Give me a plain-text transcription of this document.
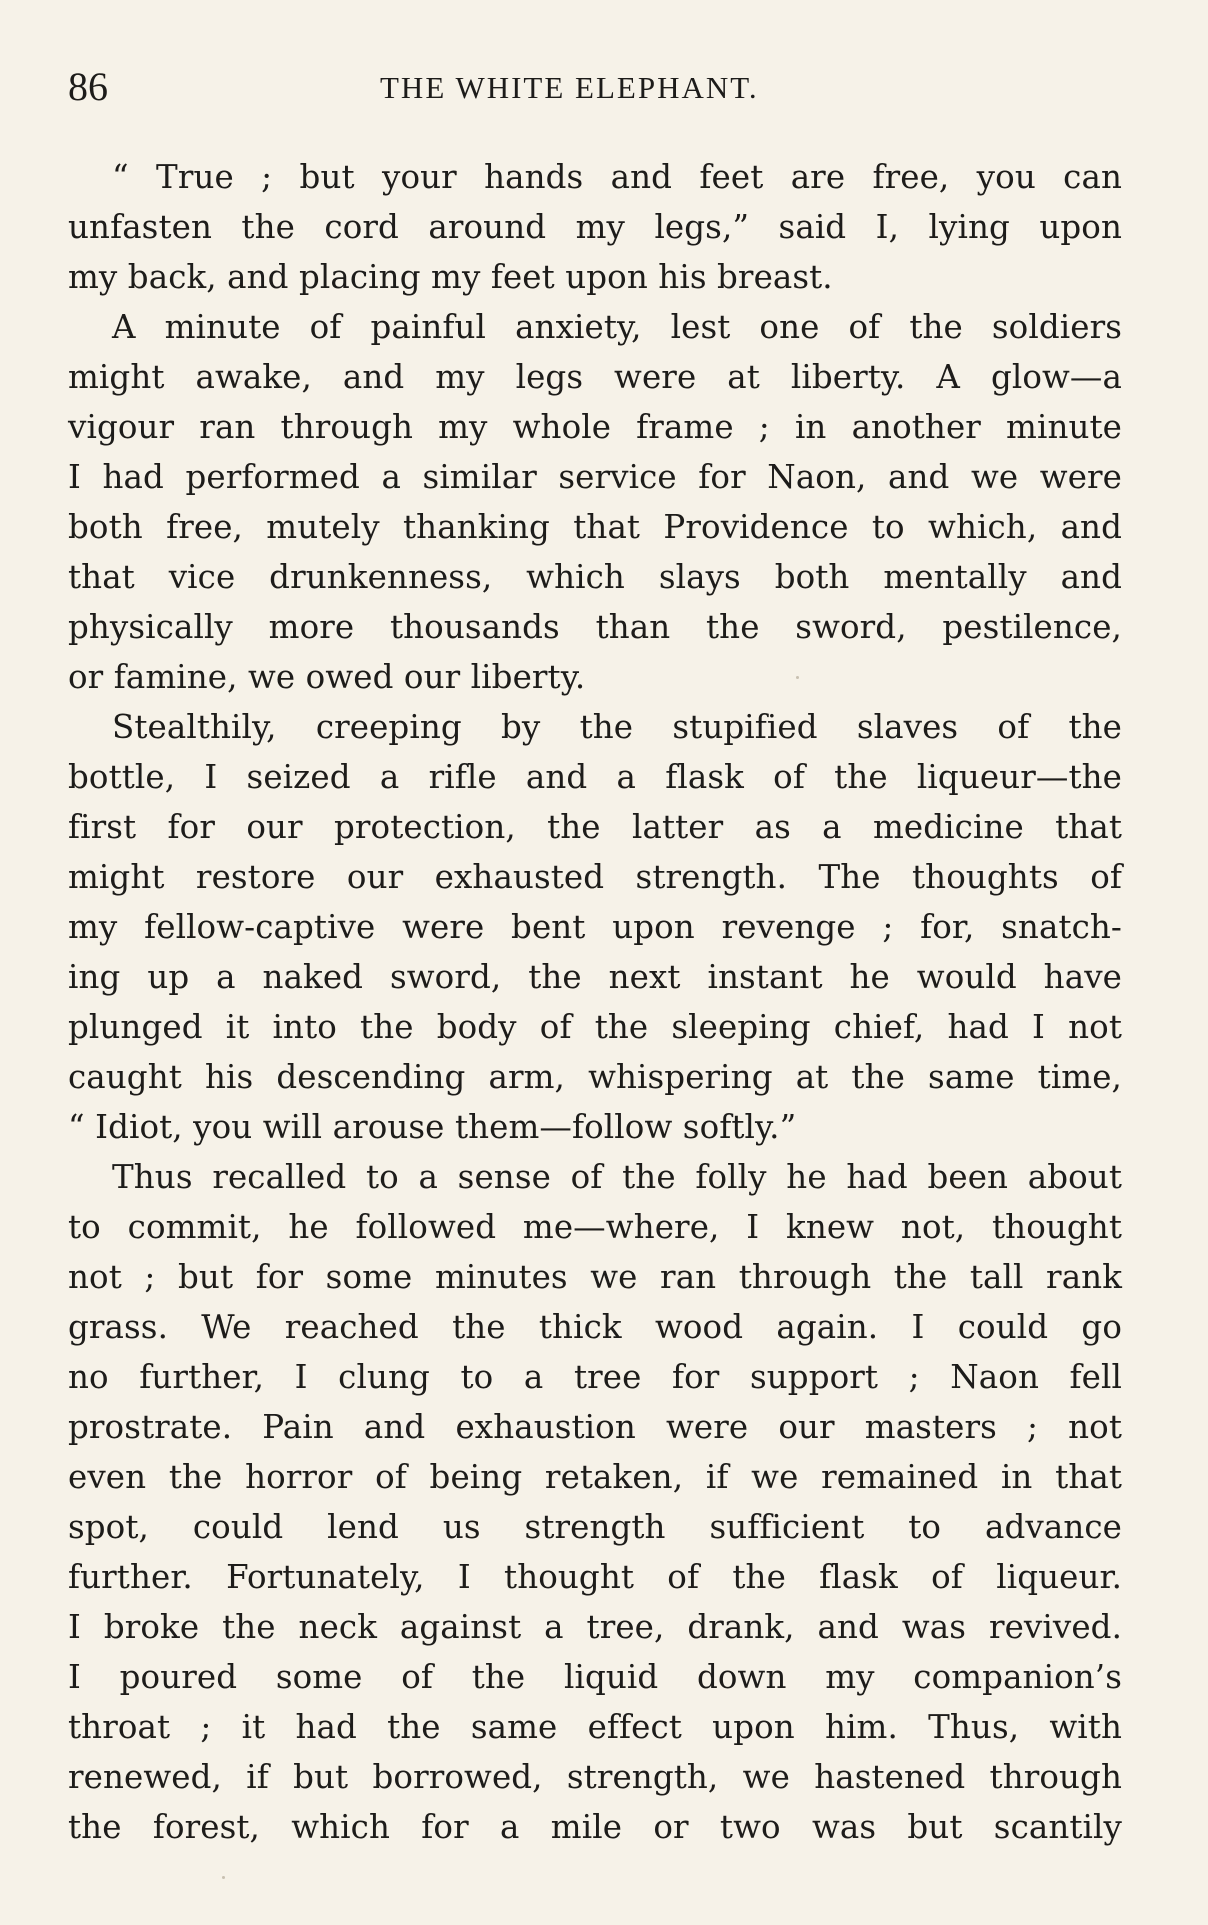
86	THE WHITE ELEPHANT.
“ True ; but your hands and feet are free, you can
unfasten the cord around my legs,” said I, lying upon
my back, and placing my feet upon his breast.
A minute of painful anxiety, lest one of the soldiers
might awake, and my legs were at liberty. A glow—a
vigour ran through my whole frame ; in another minute
I had performed a similar service for Naon, and we were
both free, mutely thanking that Providence to which, and
that vice drunkenness, which slays both mentally and
physically more thousands than the sword, pestilence,
or famine, we owed our liberty.
Stealthily, creeping by the stupified slaves of the
bottle, I seized a rifle and a flask of the liqueur—the
first for our protection, the latter as a medicine that
might restore our exhausted strength. The thoughts of
my fellow-captive were bent upon revenge ; for, snatch-
ing up a naked sword, the next instant he would have
plunged it into the body of the sleeping chief, had I not
caught his descending arm, whispering at the same time,
“ Idiot, you will arouse them—follow softly.”
Thus recalled to a sense of the folly he had been about
to commit, he followed me—where, I knew not, thought
not ; but for some minutes we ran through the tall rank
grass. We reached the thick wood again. I could go
no further, I clung to a tree for support ; Naon fell
prostrate. Pain and exhaustion were our masters ; not
even the horror of being retaken, if we remained in that
spot, could lend us strength sufficient to advance
further. Fortunately, I thought of the flask of liqueur.
I broke the neck against a tree, drank, and was revived.
I poured some of the liquid down my companion’s
throat ; it had the same effect upon him. Thus, with
renewed, if but borrowed, strength, we hastened through
the forest, which for a mile or two was but scantily
